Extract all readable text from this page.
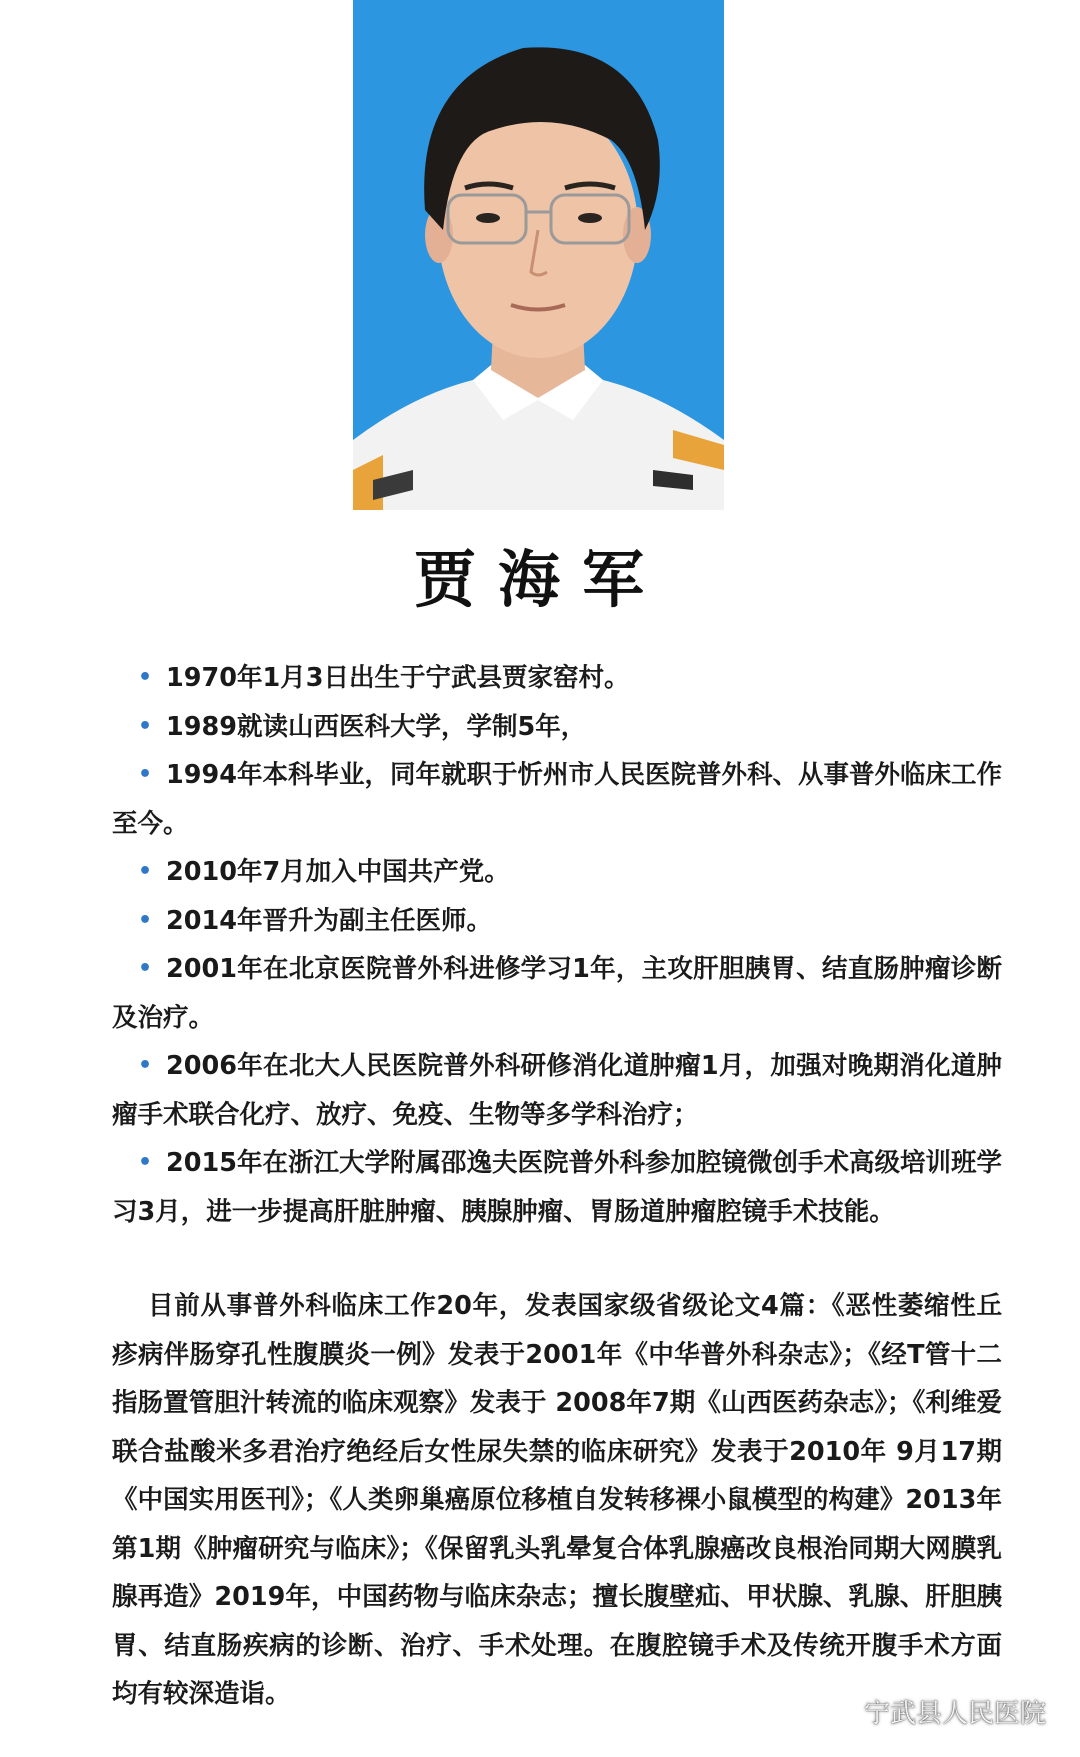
贾海军

• 1970年1月3日出生于宁武县贾家窑村。

• 1989就读山西医科大学，学制5年，

• 1994年本科毕业，同年就职于忻州市人民医院普外科、从事普外临床工作至今。

• 2010年7月加入中国共产党。

• 2014年晋升为副主任医师。

• 2001年在北京医院普外科进修学习1年，主攻肝胆胰胃、结直肠肿瘤诊断及治疗。

• 2006年在北大人民医院普外科研修消化道肿瘤1月，加强对晚期消化道肿瘤手术联合化疗、放疗、免疫、生物等多学科治疗；

• 2015年在浙江大学附属邵逸夫医院普外科参加腔镜微创手术高级培训班学习3月，进一步提高肝脏肿瘤、胰腺肿瘤、胃肠道肿瘤腔镜手术技能。

目前从事普外科临床工作20年，发表国家级省级论文4篇：《恶性萎缩性丘疹病伴肠穿孔性腹膜炎一例》发表于2001年《中华普外科杂志》；《经T管十二指肠置管胆汁转流的临床观察》发表于 2008年7期《山西医药杂志》；《利维爱联合盐酸米多君治疗绝经后女性尿失禁的临床研究》发表于2010年 9月17期《中国实用医刊》；《人类卵巢癌原位移植自发转移裸小鼠模型的构建》2013年 第1期《肿瘤研究与临床》；《保留乳头乳晕复合体乳腺癌改良根治同期大网膜乳腺再造》2019年，中国药物与临床杂志；擅长腹壁疝、甲状腺、乳腺、肝胆胰胃、结直肠疾病的诊断、治疗、手术处理。在腹腔镜手术及传统开腹手术方面均有较深造诣。

宁武县人民医院
